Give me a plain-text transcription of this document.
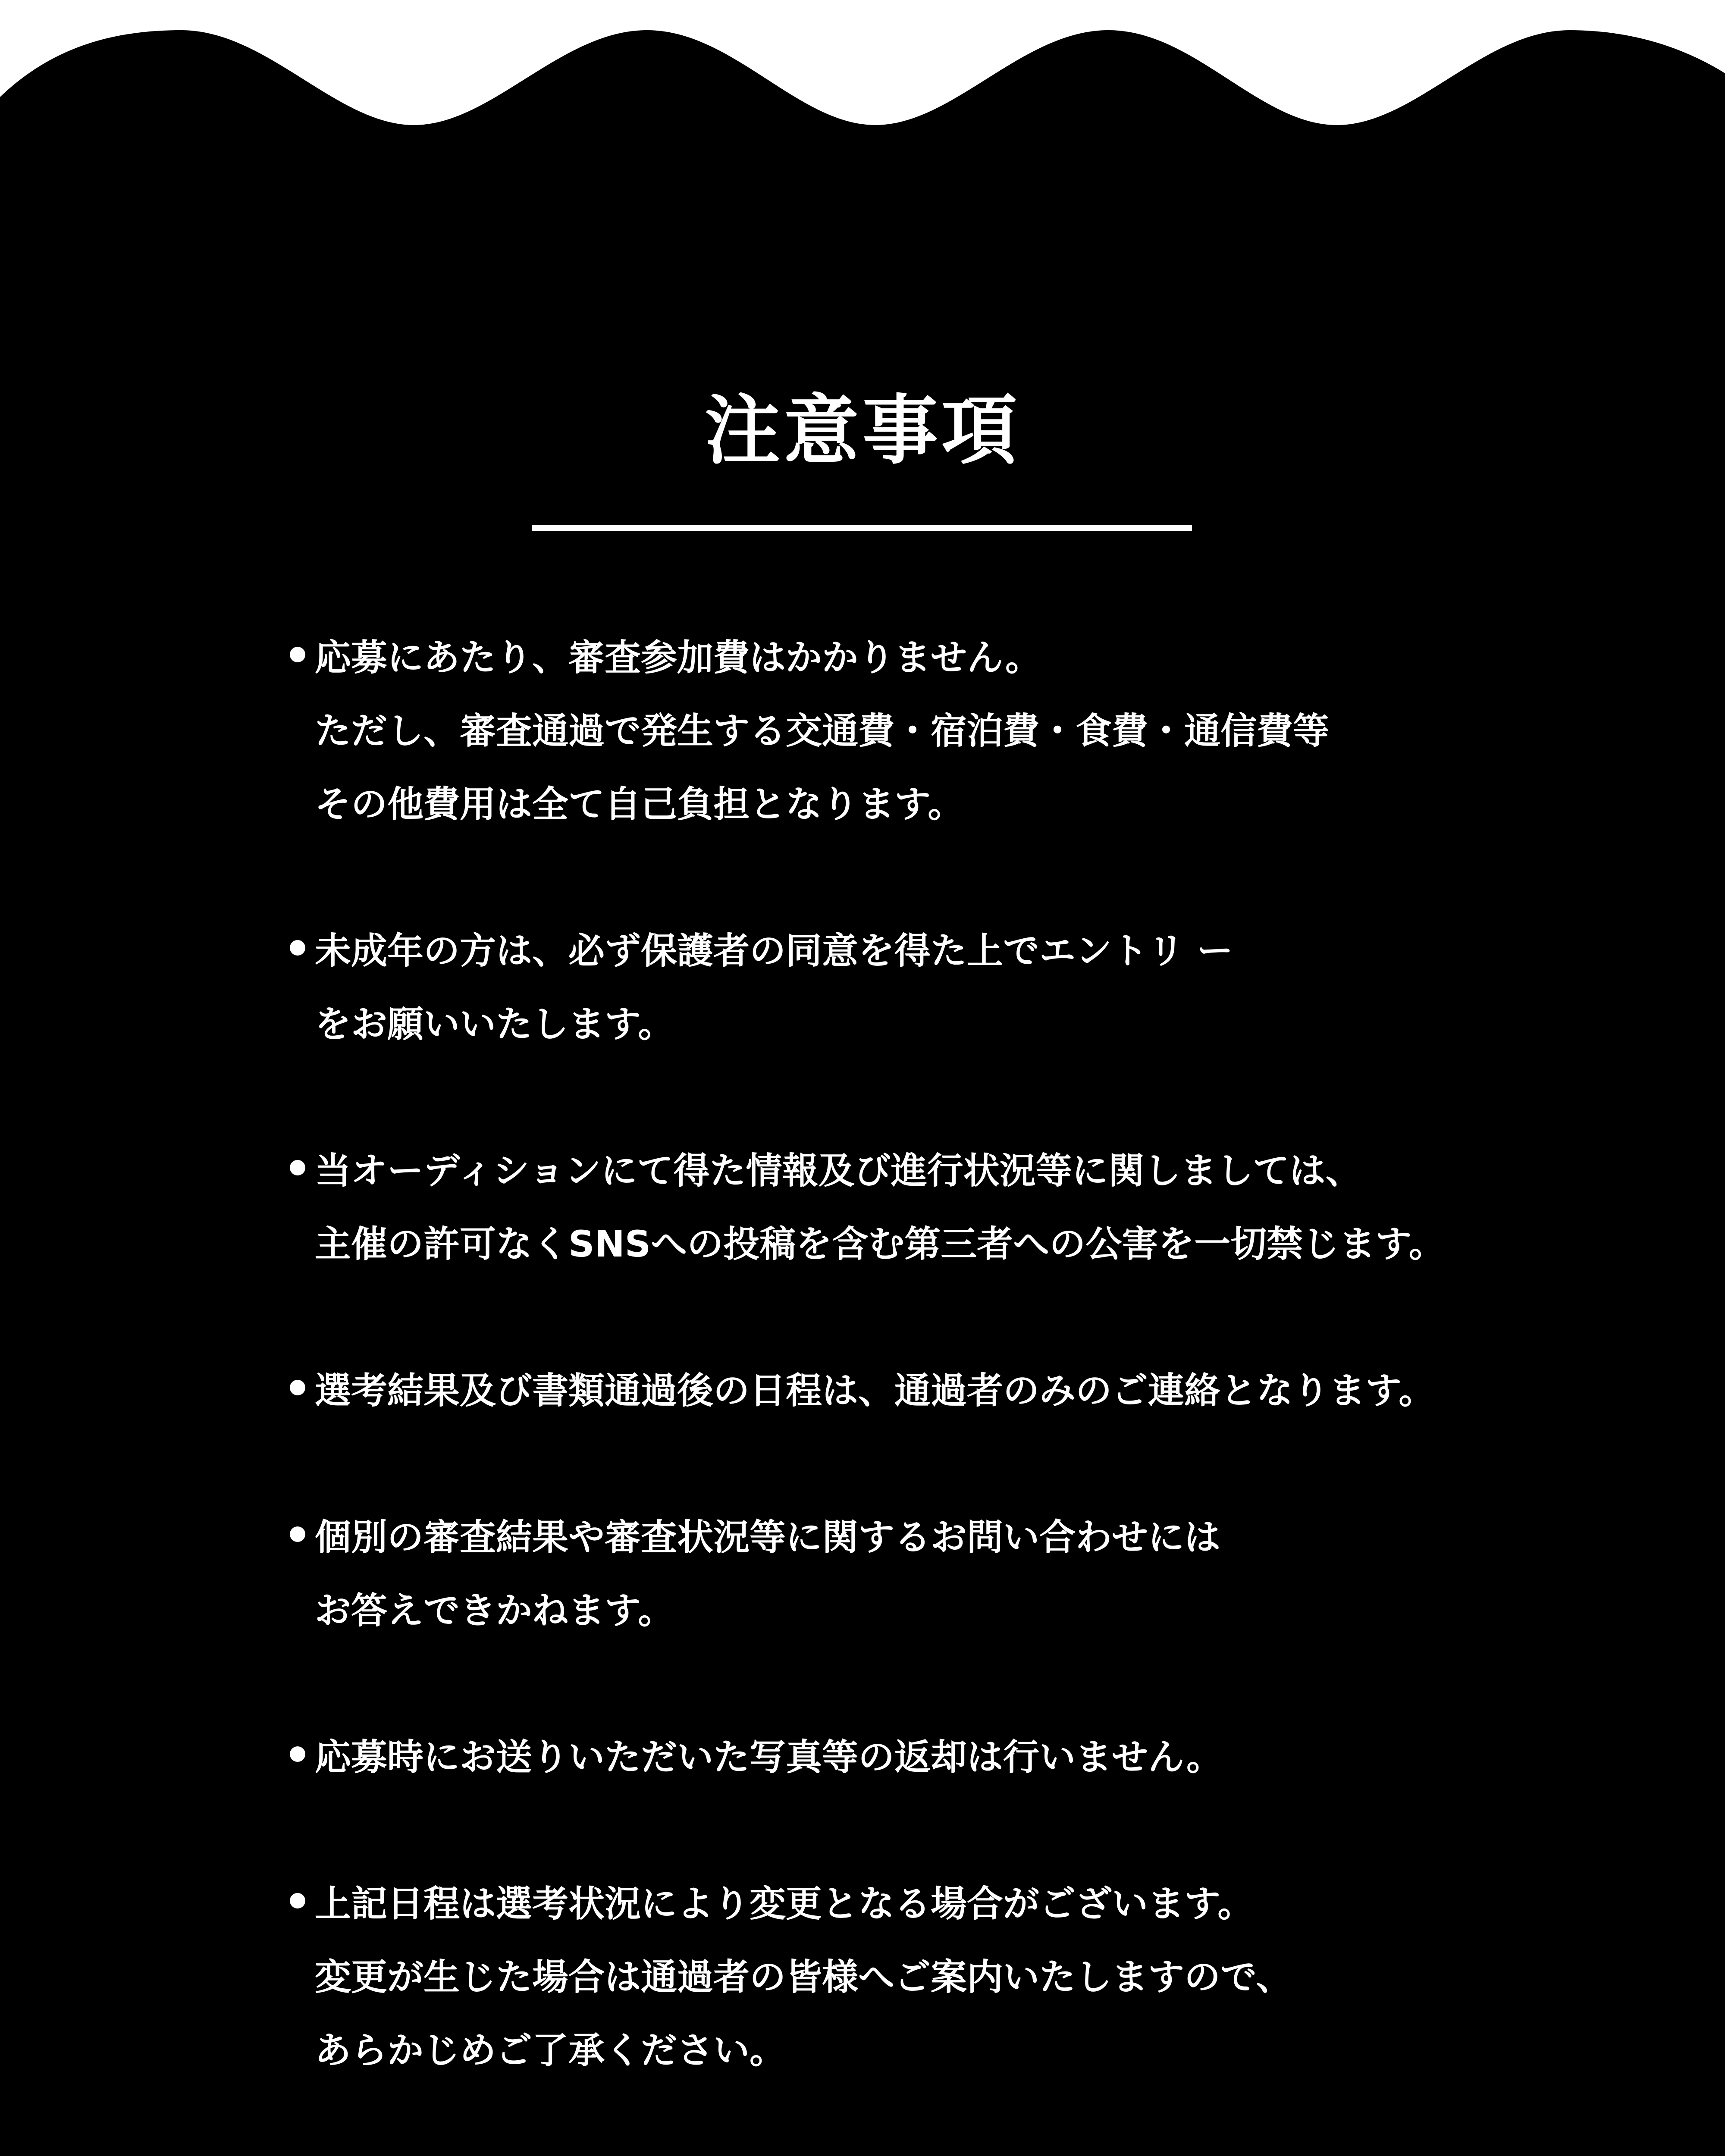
注意事項
応募にあたり、審査参加費はかかりません。
ただし、審査通過で発生する交通費・宿泊費・食費・通信費等
その他費用は全て自己負担となります。
未成年の方は、必ず保護者の同意を得た上でエントリ ー
をお願いいたします。
当オーディションにて得た情報及び進行状況等に関しましては、
主催の許可なくSNSへの投稿を含む第三者への公害を一切禁じます。
選考結果及び書類通過後の日程は、通過者のみのご連絡となります。
個別の審査結果や審査状況等に関するお問い合わせには
お答えできかねます。
応募時にお送りいただいた写真等の返却は行いません。
上記日程は選考状況により変更となる場合がございます。
変更が生じた場合は通過者の皆様へご案内いたしますので、
あらかじめご了承ください。
